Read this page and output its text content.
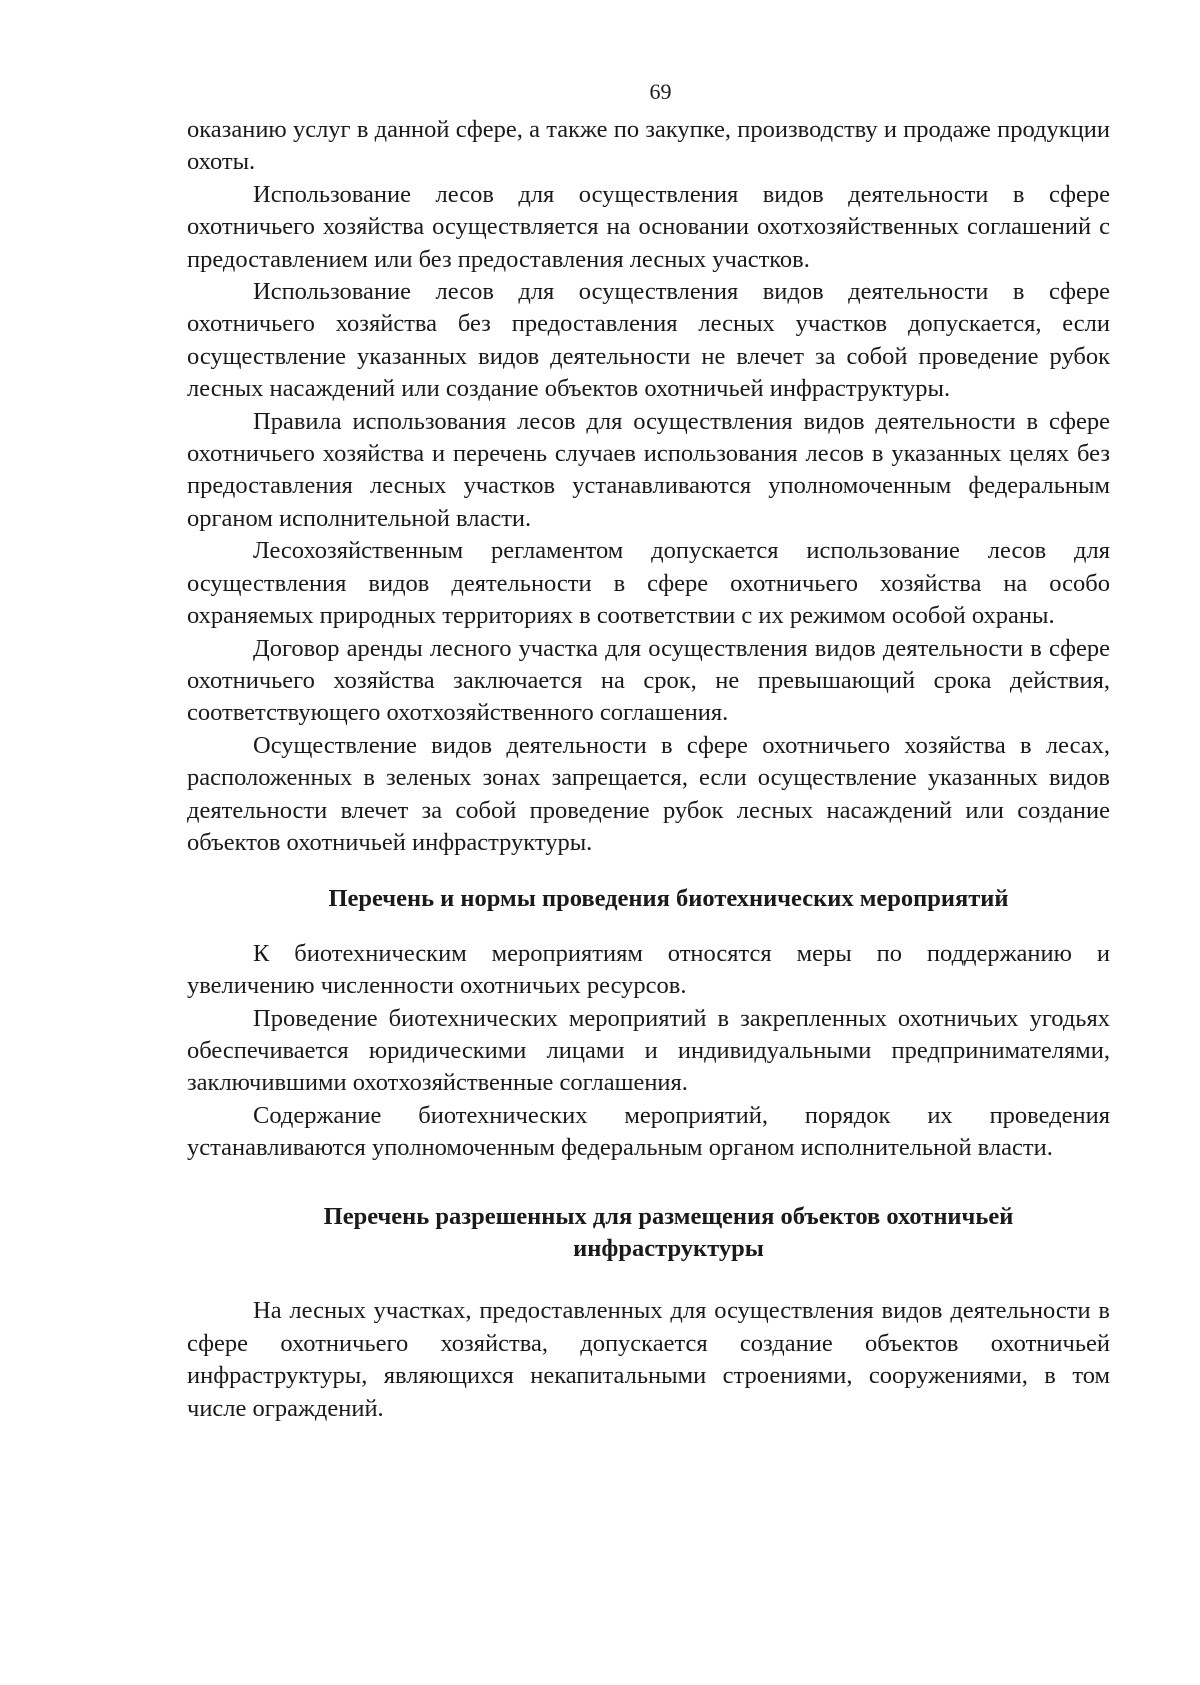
69

оказанию услуг в данной сфере, а также по закупке, производству и продаже продукции охоты.

Использование лесов для осуществления видов деятельности в сфере охотничьего хозяйства осуществляется на основании охотхозяйственных соглашений с предоставлением или без предоставления лесных участков.

Использование лесов для осуществления видов деятельности в сфере охотничьего хозяйства без предоставления лесных участков допускается, если осуществление указанных видов деятельности не влечет за собой проведение рубок лесных насаждений или создание объектов охотничьей инфраструктуры.

Правила использования лесов для осуществления видов деятельности в сфере охотничьего хозяйства и перечень случаев использования лесов в указанных целях без предоставления лесных участков устанавливаются уполномоченным федеральным органом исполнительной власти.

Лесохозяйственным регламентом допускается использование лесов для осуществления видов деятельности в сфере охотничьего хозяйства на особо охраняемых природных территориях в соответствии с их режимом особой охраны.

Договор аренды лесного участка для осуществления видов деятельности в сфере охотничьего хозяйства заключается на срок, не превышающий срока действия, соответствующего охотхозяйственного соглашения.

Осуществление видов деятельности в сфере охотничьего хозяйства в лесах, расположенных в зеленых зонах запрещается, если осуществление указанных видов деятельности влечет за собой проведение рубок лесных насаждений или создание объектов охотничьей инфраструктуры.

Перечень и нормы проведения биотехнических мероприятий

К биотехническим мероприятиям относятся меры по поддержанию и увеличению численности охотничьих ресурсов.

Проведение биотехнических мероприятий в закрепленных охотничьих угодьях обеспечивается юридическими лицами и индивидуальными предпринимателями, заключившими охотхозяйственные соглашения.

Содержание биотехнических мероприятий, порядок их проведения устанавливаются уполномоченным федеральным органом исполнительной власти.

Перечень разрешенных для размещения объектов охотничьей инфраструктуры

На лесных участках, предоставленных для осуществления видов деятельности в сфере охотничьего хозяйства, допускается создание объектов охотничьей инфраструктуры, являющихся некапитальными строениями, сооружениями, в том числе ограждений.
